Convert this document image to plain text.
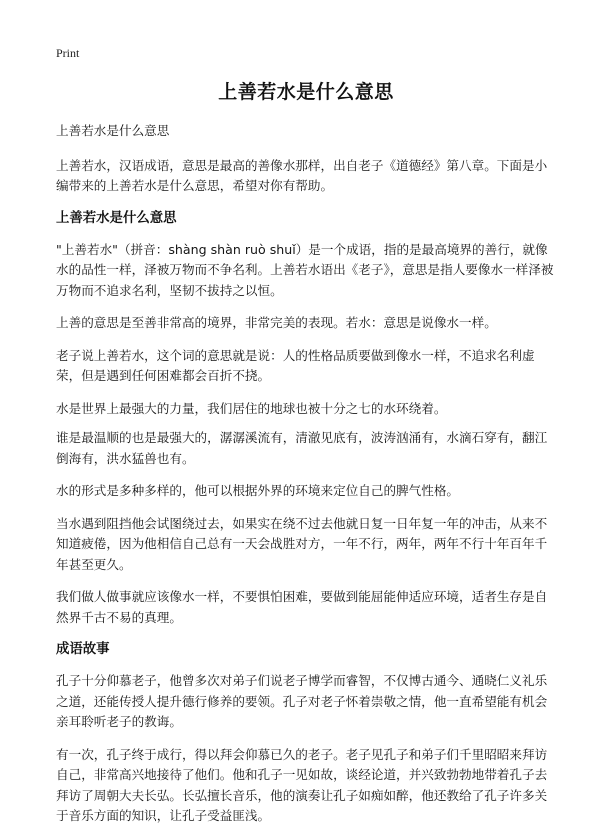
Print
上善若水是什么意思

上善若水是什么意思

上善若水，汉语成语，意思是最高的善像水那样，出自老子《道德经》第八章。下面是小编带来的上善若水是什么意思，希望对你有帮助。

上善若水是什么意思

"上善若水"（拼音：shàng shàn ruò shuǐ）是一个成语，指的是最高境界的善行，就像水的品性一样，泽被万物而不争名利。上善若水语出《老子》，意思是指人要像水一样泽被万物而不追求名利，坚韧不拔持之以恒。

上善的意思是至善非常高的境界，非常完美的表现。若水：意思是说像水一样。

老子说上善若水，这个词的意思就是说：人的性格品质要做到像水一样，不追求名利虚荣，但是遇到任何困难都会百折不挠。

水是世界上最强大的力量，我们居住的地球也被十分之七的水环绕着。

谁是最温顺的也是最强大的，潺潺溪流有，清澈见底有，波涛汹涌有，水滴石穿有，翻江倒海有，洪水猛兽也有。

水的形式是多种多样的，他可以根据外界的环境来定位自己的脾气性格。

当水遇到阻挡他会试图绕过去，如果实在绕不过去他就日复一日年复一年的冲击，从来不知道疲倦，因为他相信自己总有一天会战胜对方，一年不行，两年，两年不行十年百年千年甚至更久。

我们做人做事就应该像水一样，不要惧怕困难，要做到能屈能伸适应环境，适者生存是自然界千古不易的真理。

成语故事

孔子十分仰慕老子，他曾多次对弟子们说老子博学而睿智，不仅博古通今、通晓仁义礼乐之道，还能传授人提升德行修养的要领。孔子对老子怀着崇敬之情，他一直希望能有机会亲耳聆听老子的教诲。

有一次，孔子终于成行，得以拜会仰慕已久的老子。老子见孔子和弟子们千里昭昭来拜访自己，非常高兴地接待了他们。他和孔子一见如故，谈经论道，并兴致勃勃地带着孔子去拜访了周朝大夫长弘。长弘擅长音乐，他的演奏让孔子如痴如醉，他还教给了孔子许多关于音乐方面的知识，让孔子受益匪浅。
